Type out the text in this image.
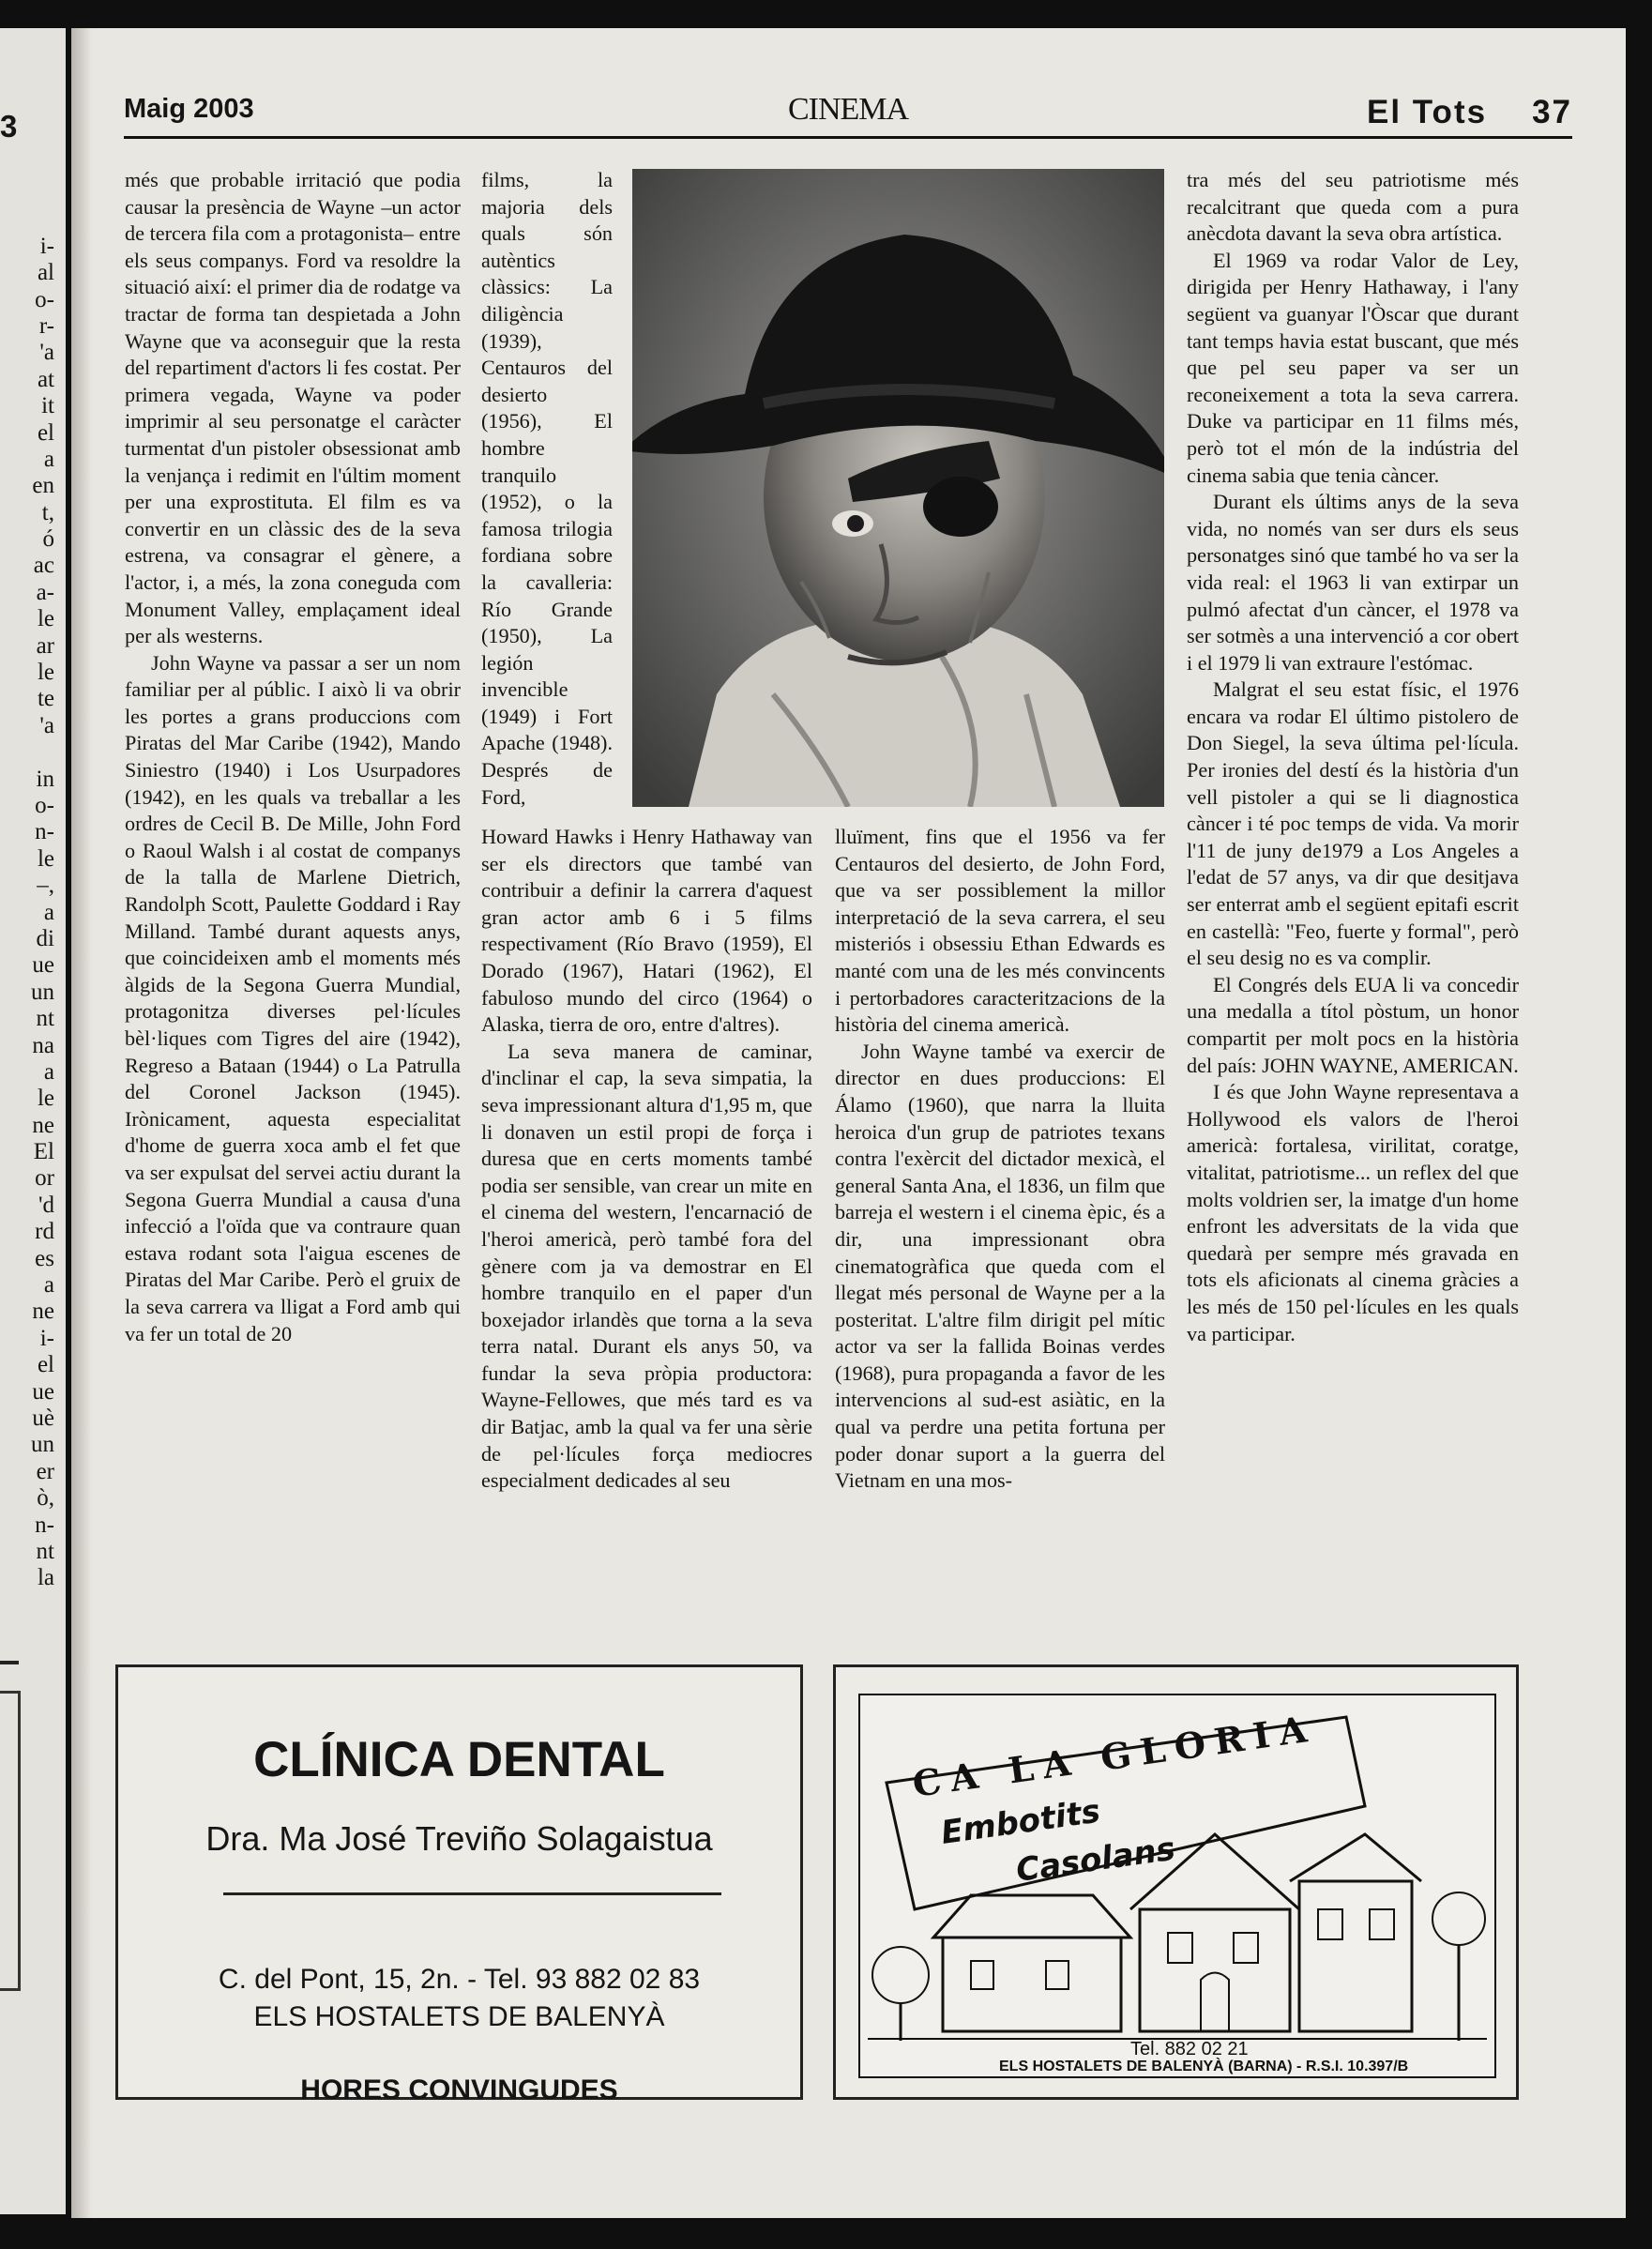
3
i-
al
o-
r-
'a
at
it
el
a
en
t,
ó
ac
a-
le
ar
le
te
'a
in
o-
n-
le
–,
a
di
ue
un
nt
na
a
le
ne
El
or
'd
rd
es
a
ne
i-
el
ue
uè
un
er
ò,
n-
nt
la
Maig 2003	CINEMA	El Tots 37

més que probable irritació que podia causar la presència de Wayne –un actor de tercera fila com a protagonista– entre els seus companys. Ford va resoldre la situació així: el primer dia de rodatge va tractar de forma tan despietada a John Wayne que va aconseguir que la resta del repartiment d'actors li fes costat. Per primera vegada, Wayne va poder imprimir al seu personatge el caràcter turmentat d'un pistoler obsessionat amb la venjança i redimit en l'últim moment per una exprostitutа. El film es va convertir en un clàssic des de la seva estrena, va consagrar el gènere, a l'actor, i, a més, la zona coneguda com Monument Valley, emplaçament ideal per als westerns.

John Wayne va passar a ser un nom familiar per al públic. I això li va obrir les portes a grans produccions com Piratas del Mar Caribe (1942), Mando Siniestro (1940) i Los Usurpadores (1942), en les quals va treballar a les ordres de Cecil B. De Mille, John Ford o Raoul Walsh i al costat de companys de la talla de Marlene Dietrich, Randolph Scott, Paulette Goddard i Ray Milland. També durant aquests anys, que coincideixen amb el moments més àlgids de la Segona Guerra Mundial, protagonitza diverses pel·lícules bèl·liques com Tigres del aire (1942), Regreso a Bataan (1944) o La Patrulla del Coronel Jackson (1945). Irònicament, aquesta especialitat d'home de guerra xoca amb el fet que va ser expulsat del servei actiu durant la Segona Guerra Mundial a causa d'una infecció a l'oïda que va contraure quan estava rodant sota l'aigua escenes de Piratas del Mar Caribe. Però el gruix de la seva carrera va lligat a Ford amb qui va fer un total de 20

films, la majoria dels quals són autèntics clàssics: La diligència (1939), Centauros del desierto (1956), El hombre tranquilo (1952), o la famosa trilogia fordiana sobre la cavalleria: Río Grande (1950), La legión invencible (1949) i Fort Apache (1948). Després de Ford,

Howard Hawks i Henry Hathaway van ser els directors que també van contribuir a definir la carrera d'aquest gran actor amb 6 i 5 films respectivament (Río Bravo (1959), El Dorado (1967), Hatari (1962), El fabuloso mundo del circo (1964) o Alaska, tierra de oro, entre d'altres).

La seva manera de caminar, d'inclinar el cap, la seva simpatia, la seva impressionant altura d'1,95 m, que li donaven un estil propi de força i duresa que en certs moments també podia ser sensible, van crear un mite en el cinema del western, l'encarnació de l'heroi americà, però també fora del gènere com ja va demostrar en El hombre tranquilo en el paper d'un boxejador irlandès que torna a la seva terra natal. Durant els anys 50, va fundar la seva pròpia productora: Wayne-Fellowes, que més tard es va dir Batjac, amb la qual va fer una sèrie de pel·lícules força mediocres especialment dedicades al seu

lluïment, fins que el 1956 va fer Centauros del desierto, de John Ford, que va ser possiblement la millor interpretació de la seva carrera, el seu misteriós i obsessiu Ethan Edwards es manté com una de les més convincents i pertorbadores caracteritzacions de la història del cinema americà.

John Wayne també va exercir de director en dues produccions: El Álamo (1960), que narra la lluita heroica d'un grup de patriotes texans contra l'exèrcit del dictador mexicà, el general Santa Ana, el 1836, un film que barreja el western i el cinema èpic, és a dir, una impressionant obra cinematogràfica que queda com el llegat més personal de Wayne per a la posteritat. L'altre film dirigit pel mític actor va ser la fallida Boinas verdes (1968), pura propaganda a favor de les intervencions al sud-est asiàtic, en la qual va perdre una petita fortuna per poder donar suport a la guerra del Vietnam en una mos-

tra més del seu patriotisme més recalcitrant que queda com a pura anècdota davant la seva obra artística.

El 1969 va rodar Valor de Ley, dirigida per Henry Hathaway, i l'any següent va guanyar l'Òscar que durant tant temps havia estat buscant, que més que pel seu paper va ser un reconeixement a tota la seva carrera. Duke va participar en 11 films més, però tot el món de la indústria del cinema sabia que tenia càncer.

Durant els últims anys de la seva vida, no només van ser durs els seus personatges sinó que també ho va ser la vida real: el 1963 li van extirpar un pulmó afectat d'un càncer, el 1978 va ser sotmès a una intervenció a cor obert i el 1979 li van extraure l'estómac.

Malgrat el seu estat físic, el 1976 encara va rodar El último pistolero de Don Siegel, la seva última pel·lícula. Per ironies del destí és la història d'un vell pistoler a qui se li diagnostica càncer i té poc temps de vida. Va morir l'11 de juny de1979 a Los Angeles a l'edat de 57 anys, va dir que desitjava ser enterrat amb el següent epitafi escrit en castellà: "Feo, fuerte y formal", però el seu desig no es va complir.

El Congrés dels EUA li va concedir una medalla a títol pòstum, un honor compartit per molt pocs en la història del país: JOHN WAYNE, AMERICAN.

I és que John Wayne representava a Hollywood els valors de l'heroi americà: fortalesa, virilitat, coratge, vitalitat, patriotisme... un reflex del que molts voldrien ser, la imatge d'un home enfront les adversitats de la vida que quedarà per sempre més gravada en tots els aficionats al cinema gràcies a les més de 150 pel·lícules en les quals va participar.

CLÍNICA DENTAL
Dra. Ma José Treviño Solagaistua
C. del Pont, 15, 2n. - Tel. 93 882 02 83
ELS HOSTALETS DE BALENYÀ
HORES CONVINGUDES
CA LA GLORIA
Embotits
Casolans
Tel. 882 02 21
ELS HOSTALETS DE BALENYÀ (BARNA) - R.S.I. 10.397/B
